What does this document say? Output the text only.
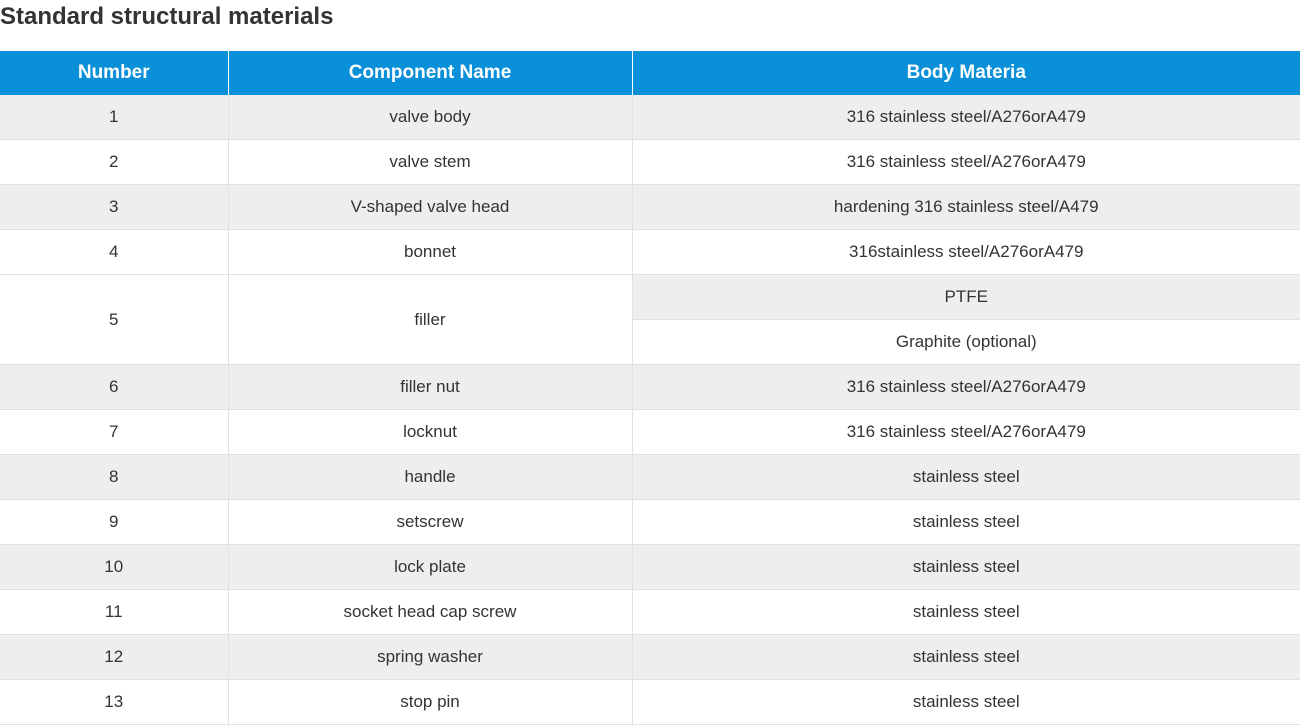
Standard structural materials
Number	Component Name	Body Materia
1	valve body	316 stainless steel/A276orA479
2	valve stem	316 stainless steel/A276orA479
3	V-shaped valve head	hardening 316 stainless steel/A479
4	bonnet	316stainless steel/A276orA479
5	filler	PTFE
		Graphite (optional)
6	filler nut	316 stainless steel/A276orA479
7	locknut	316 stainless steel/A276orA479
8	handle	stainless steel
9	setscrew	stainless steel
10	lock plate	stainless steel
11	socket head cap screw	stainless steel
12	spring washer	stainless steel
13	stop pin	stainless steel
